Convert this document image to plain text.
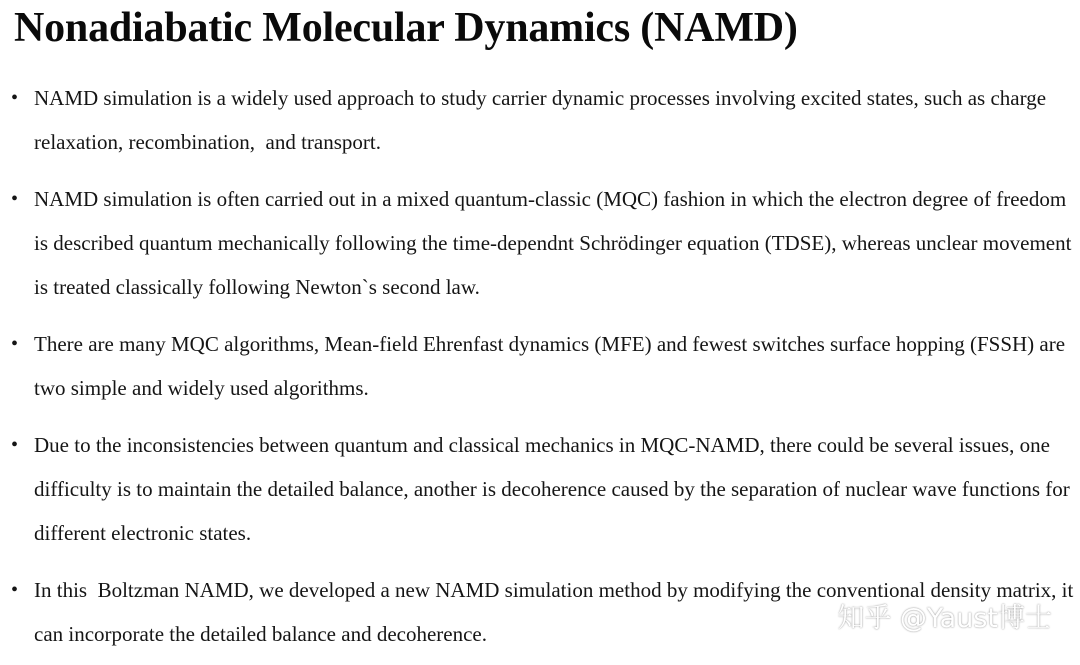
Nonadiabatic Molecular Dynamics (NAMD)
• NAMD simulation is a widely used approach to study carrier dynamic processes involving excited states, such as charge relaxation, recombination,  and transport.
• NAMD simulation is often carried out in a mixed quantum-classic (MQC) fashion in which the electron degree of freedom is described quantum mechanically following the time-dependnt Schrödinger equation (TDSE), whereas unclear movement is treated classically following Newton`s second law.
• There are many MQC algorithms, Mean-field Ehrenfast dynamics (MFE) and fewest switches surface hopping (FSSH) are two simple and widely used algorithms.
• Due to the inconsistencies between quantum and classical mechanics in MQC-NAMD, there could be several issues, one difficulty is to maintain the detailed balance, another is decoherence caused by the separation of nuclear wave functions for different electronic states.
• In this  Boltzman NAMD, we developed a new NAMD simulation method by modifying the conventional density matrix, it can incorporate the detailed balance and decoherence.	知乎 @Yaust博士
